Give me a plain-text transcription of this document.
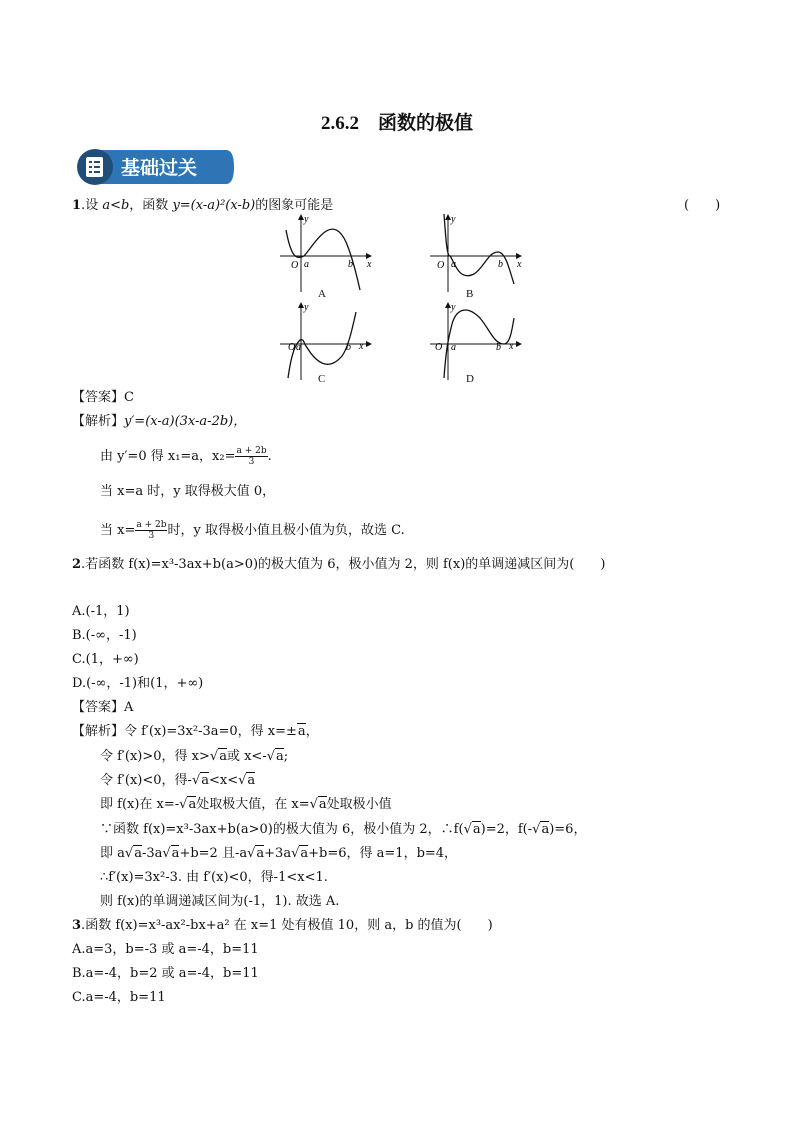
2.6.2　函数的极值
基础过关
1.设 a<b，函数 y=(x-a)²(x-b)的图象可能是	(　　)
y
x
O a	b
A
y
x
O a	b
B
y
x
O a	b
C
y
x
O a	b
D
【答案】C
【解析】y′=(x-a)(3x-a-2b)，
由 y′=0 得 x₁=a，$x_2= \frac{a + 2b}{3}$ .
当 x=a 时，y 取得极大值 0，
当 $x= \frac{a + 2b}{3}$ 时，y 取得极小值且极小值为负，故选 C.
2.若函数 f(x)=x³-3ax+b(a>0)的极大值为 6，极小值为 2，则 f(x)的单调递减区间为(　　)
A.(-1，1)
B.(-∞，-1)
C.(1，+∞)
D.(-∞，-1)和(1，+∞)
【答案】A
【解析】令 f′(x)=3x²-3a=0，得 x=±a，
令 f′(x)>0，得 x>√a或 x<-√a;
令 f′(x)<0，得-√a<x<√a
即 f(x)在 x=-√a处取极大值，在 x=√a处取极小值
∵函数 f(x)=x³-3ax+b(a>0)的极大值为 6，极小值为 2，∴f(√a)=2，f(-√a)=6，
即 a√a-3a√a+b=2 且-a√a+3a√a+b=6，得 a=1，b=4，
∴f′(x)=3x²-3. 由 f′(x)<0，得-1<x<1.
则 f(x)的单调递减区间为(-1，1). 故选 A.
3.函数 f(x)=x³-ax²-bx+a² 在 x=1 处有极值 10，则 a，b 的值为(　　)
A.a=3，b=-3 或 a=-4，b=11
B.a=-4，b=2 或 a=-4，b=11
C.a=-4，b=11
